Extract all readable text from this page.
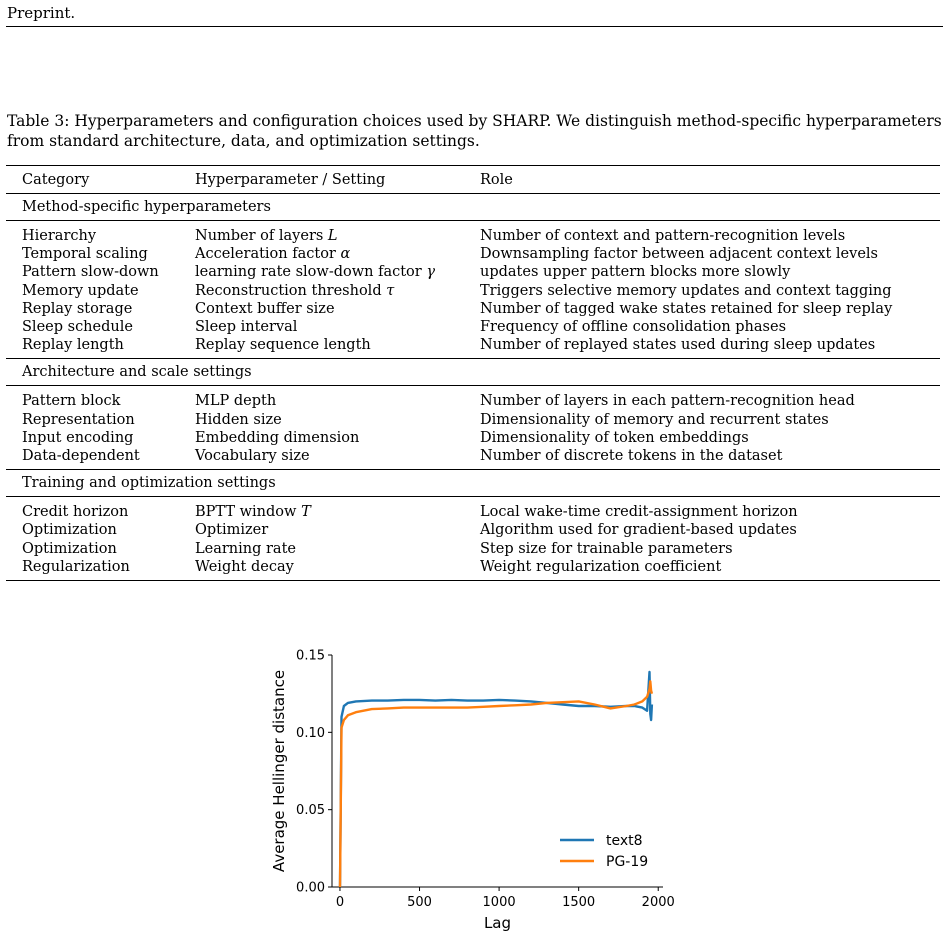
Preprint.
Table 3: Hyperparameters and configuration choices used by SHARP. We distinguish method-specific hyperparameters from standard architecture, data, and optimization settings.
Category	Hyperparameter / Setting	Role
Method-specific hyperparameters		
Hierarchy	Number of layers L	Number of context and pattern-recognition levels
Temporal scaling	Acceleration factor α	Downsampling factor between adjacent context levels
Pattern slow-down	learning rate slow-down factor γ	updates upper pattern blocks more slowly
Memory update	Reconstruction threshold τ	Triggers selective memory updates and context tagging
Replay storage	Context buffer size	Number of tagged wake states retained for sleep replay
Sleep schedule	Sleep interval	Frequency of offline consolidation phases
Replay length	Replay sequence length	Number of replayed states used during sleep updates
Architecture and scale settings		
Pattern block	MLP depth	Number of layers in each pattern-recognition head
Representation	Hidden size	Dimensionality of memory and recurrent states
Input encoding	Embedding dimension	Dimensionality of token embeddings
Data-dependent	Vocabulary size	Number of discrete tokens in the dataset
Training and optimization settings		
Credit horizon	BPTT window T	Local wake-time credit-assignment horizon
Optimization	Optimizer	Algorithm used for gradient-based updates
Optimization	Learning rate	Step size for trainable parameters
Regularization	Weight decay	Weight regularization coefficient
0.00
0.05
0.10
0.15
0	500	1000	1500	2000
Lag
Average Hellinger distance	text8
PG-19
